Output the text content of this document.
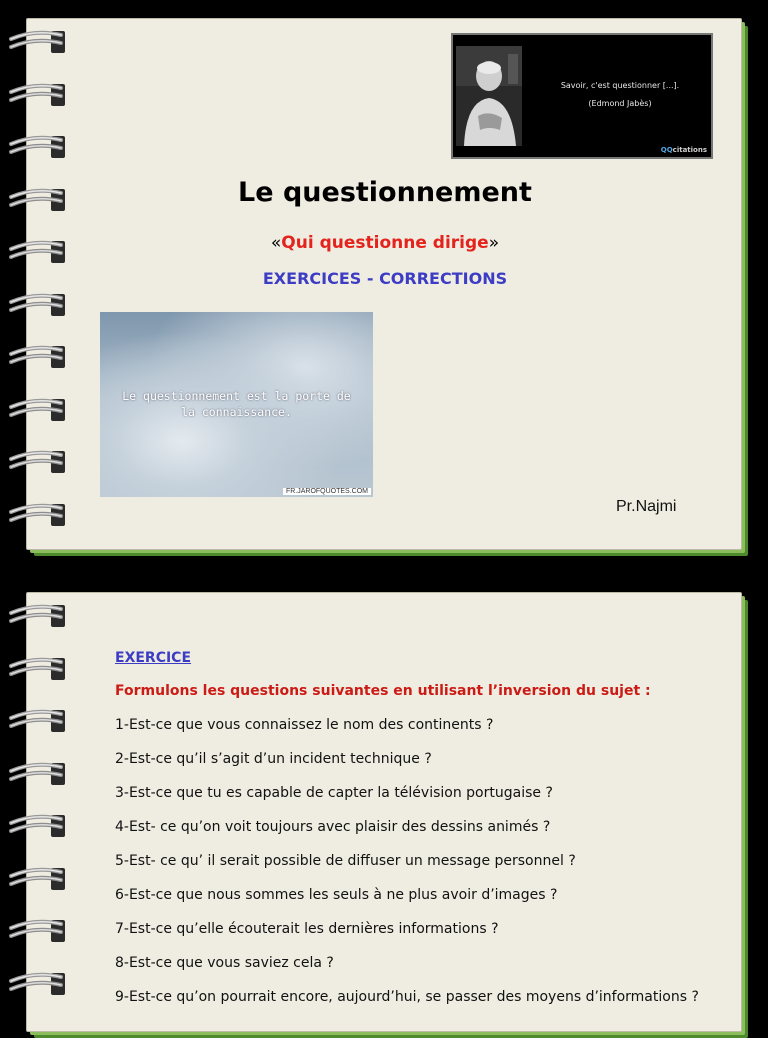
Savoir, c'est questionner [...].
(Edmond Jabès)
QQcitations
Le questionnement
«Qui questionne dirige»
EXERCICES - CORRECTIONS
Le questionnement est la porte de
la connaissance.
FR.JAROFQUOTES.COM
Pr.Najmi
EXERCICE
Formulons les questions suivantes en utilisant l’inversion du sujet :
1-Est-ce que vous connaissez le nom des continents ?
2-Est-ce qu’il s’agit d’un incident technique ?
3-Est-ce que tu es capable de capter la télévision portugaise ?
4-Est- ce qu’on voit toujours avec plaisir des dessins animés ?
5-Est- ce qu’ il serait possible de diffuser un message personnel ?
6-Est-ce que nous sommes les seuls à ne plus avoir d’images ?
7-Est-ce qu’elle écouterait les dernières informations ?
8-Est-ce que vous saviez cela ?
9-Est-ce qu’on pourrait encore, aujourd’hui, se passer des moyens d’informations ?
